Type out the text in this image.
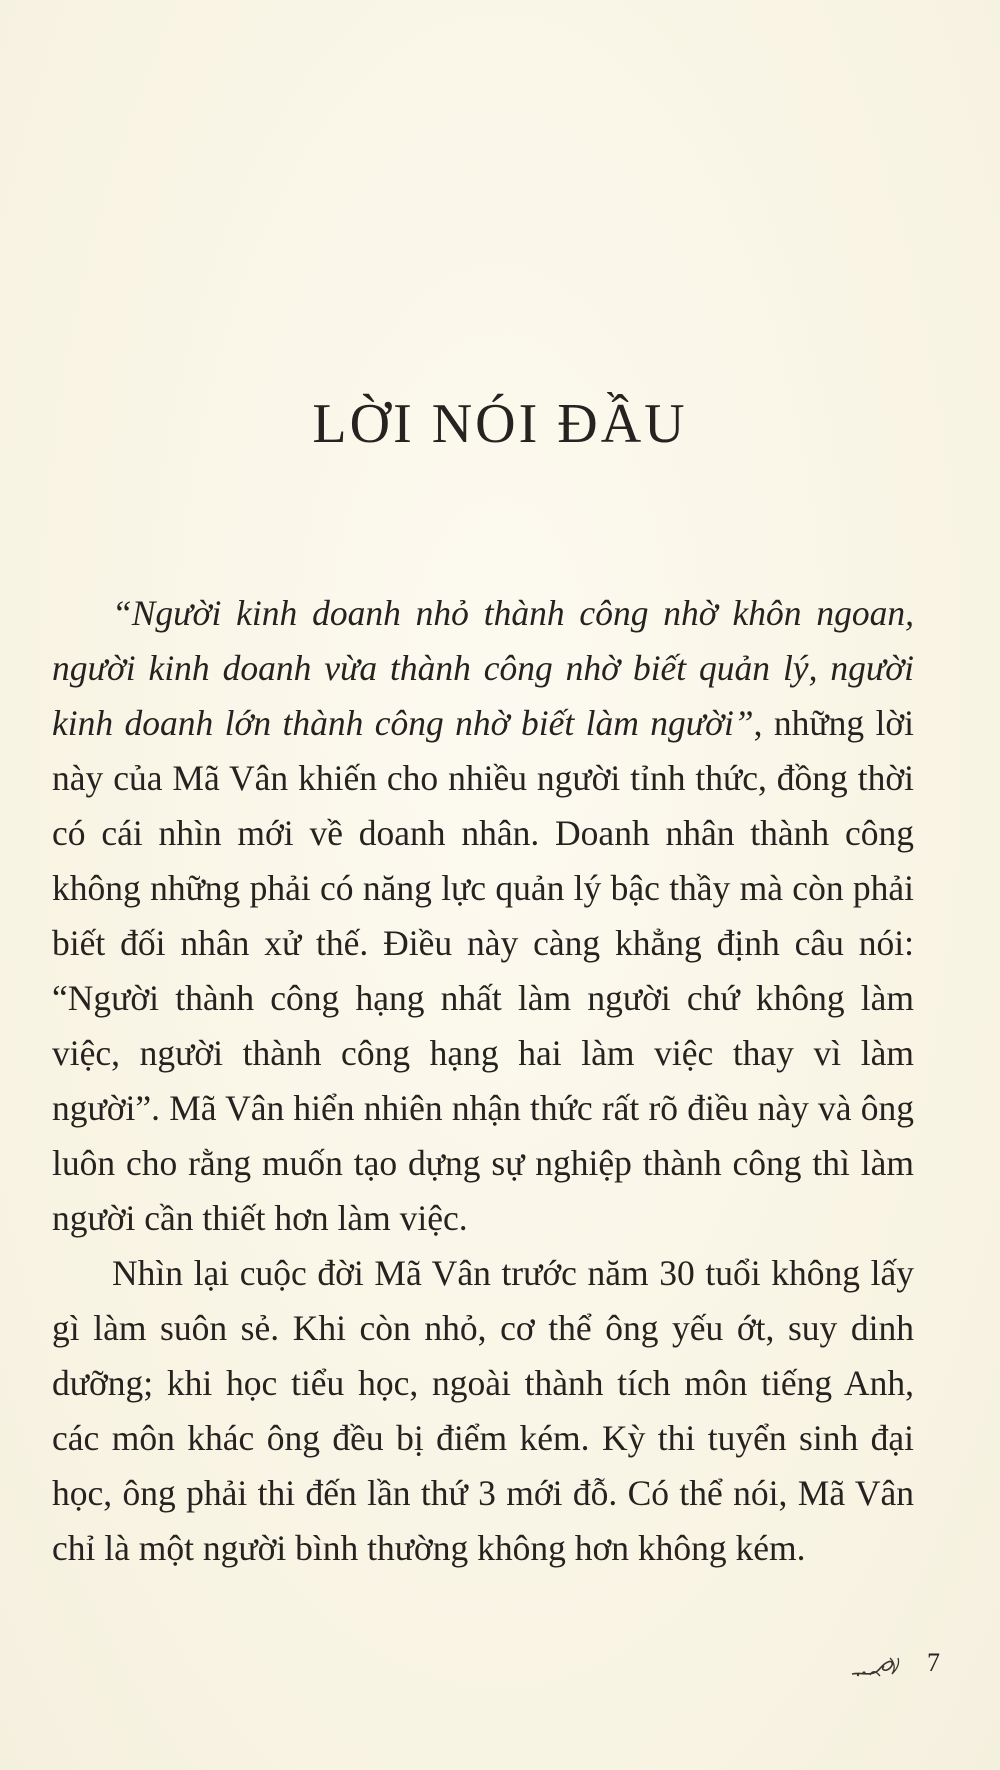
LỜI NÓI ĐẦU

“Người kinh doanh nhỏ thành công nhờ khôn ngoan, người kinh doanh vừa thành công nhờ biết quản lý, người kinh doanh lớn thành công nhờ biết làm người”, những lời này của Mã Vân khiến cho nhiều người tỉnh thức, đồng thời có cái nhìn mới về doanh nhân. Doanh nhân thành công không những phải có năng lực quản lý bậc thầy mà còn phải biết đối nhân xử thế. Điều này càng khẳng định câu nói: “Người thành công hạng nhất làm người chứ không làm việc, người thành công hạng hai làm việc thay vì làm người”. Mã Vân hiển nhiên nhận thức rất rõ điều này và ông luôn cho rằng muốn tạo dựng sự nghiệp thành công thì làm người cần thiết hơn làm việc.

Nhìn lại cuộc đời Mã Vân trước năm 30 tuổi không lấy gì làm suôn sẻ. Khi còn nhỏ, cơ thể ông yếu ớt, suy dinh dưỡng; khi học tiểu học, ngoài thành tích môn tiếng Anh, các môn khác ông đều bị điểm kém. Kỳ thi tuyển sinh đại học, ông phải thi đến lần thứ 3 mới đỗ. Có thể nói, Mã Vân chỉ là một người bình thường không hơn không kém.

7
